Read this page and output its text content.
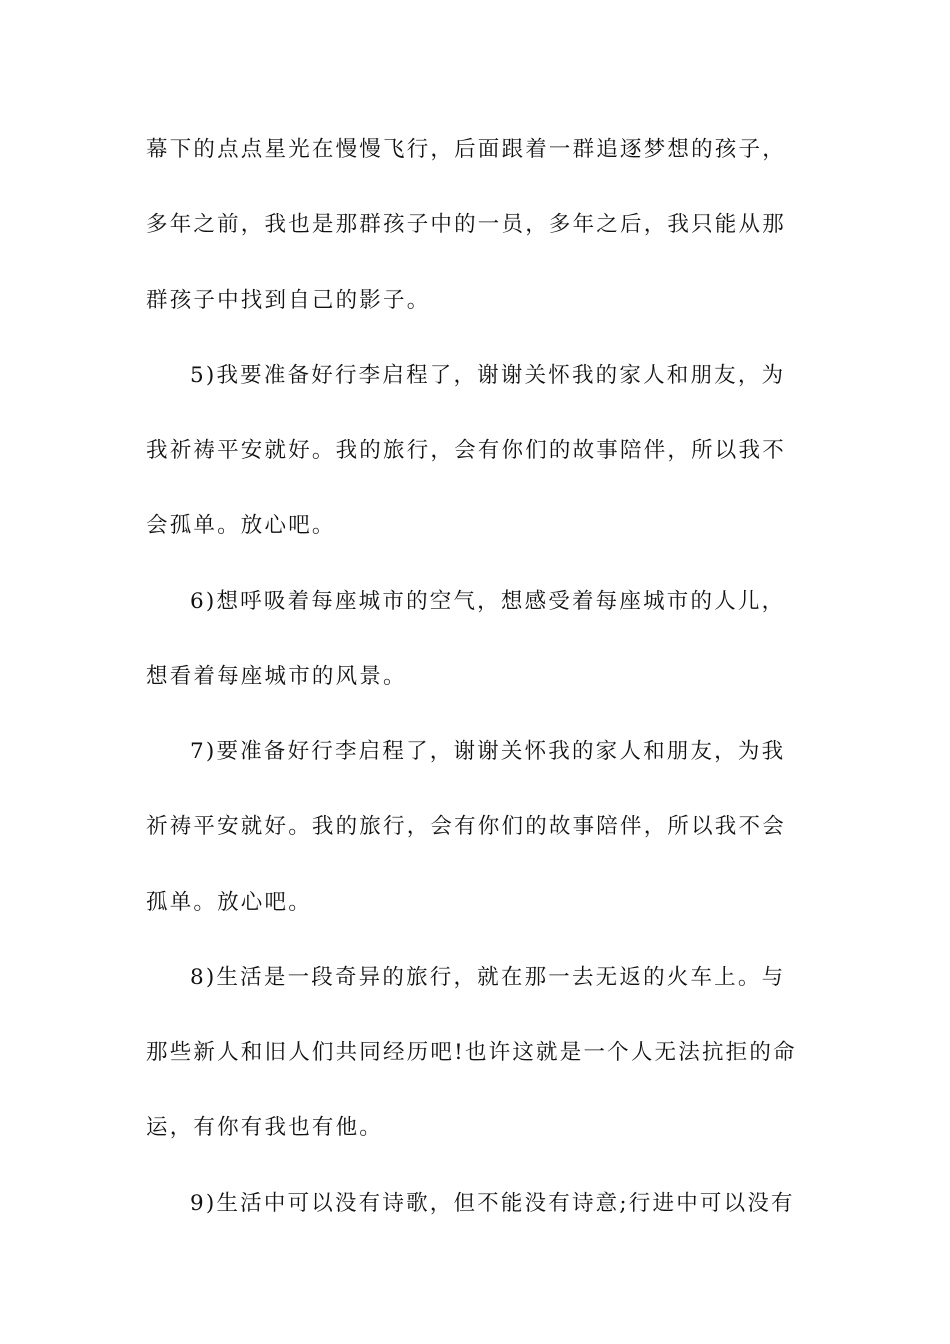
幕下的点点星光在慢慢飞行，后面跟着一群追逐梦想的孩子，
多年之前，我也是那群孩子中的一员，多年之后，我只能从那
群孩子中找到自己的影子。
5)我要准备好行李启程了，谢谢关怀我的家人和朋友，为
我祈祷平安就好。我的旅行，会有你们的故事陪伴，所以我不
会孤单。放心吧。
6)想呼吸着每座城市的空气，想感受着每座城市的人儿，
想看着每座城市的风景。
7)要准备好行李启程了，谢谢关怀我的家人和朋友，为我
祈祷平安就好。我的旅行，会有你们的故事陪伴，所以我不会
孤单。放心吧。
8)生活是一段奇异的旅行，就在那一去无返的火车上。与
那些新人和旧人们共同经历吧!也许这就是一个人无法抗拒的命
运，有你有我也有他。
9)生活中可以没有诗歌，但不能没有诗意;行进中可以没有
